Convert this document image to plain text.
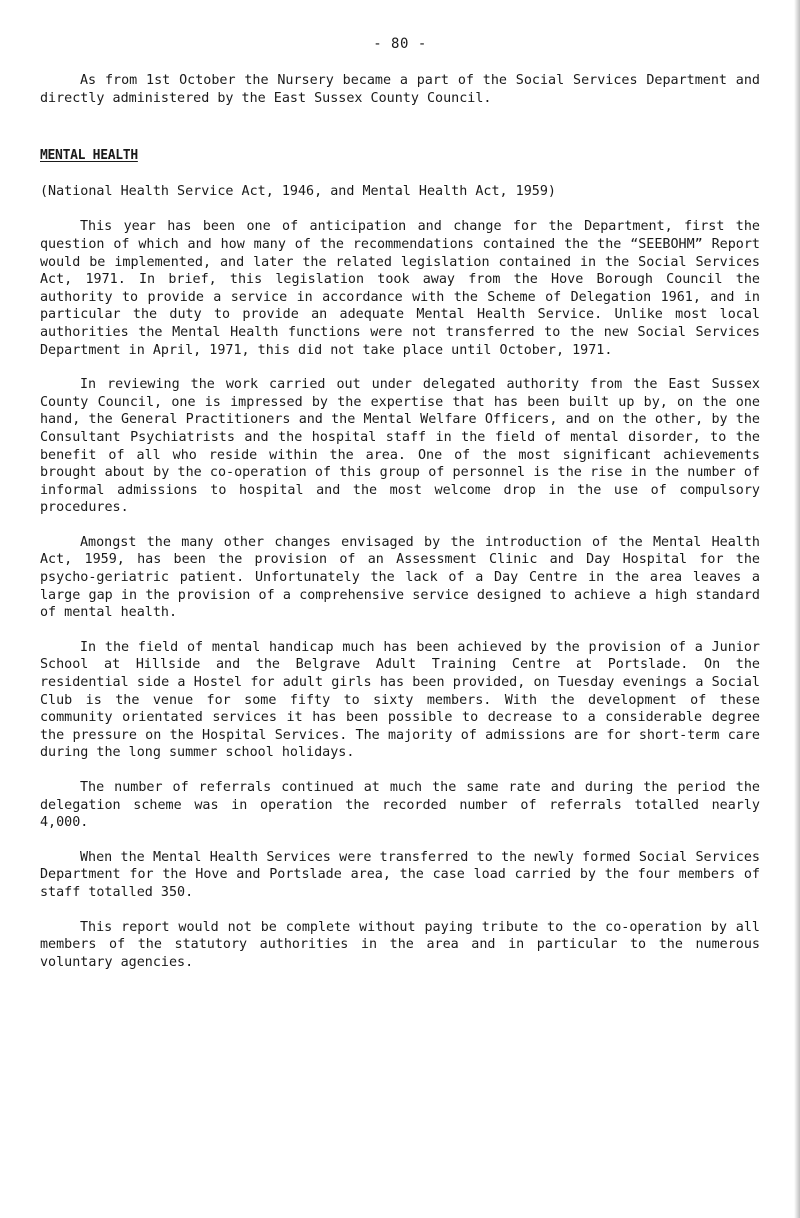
- 80 -

As from 1st October the Nursery became a part of the Social Services Department and directly administered by the East Sussex County Council.

MENTAL HEALTH

(National Health Service Act, 1946, and Mental Health Act, 1959)

This year has been one of anticipation and change for the Department, first the question of which and how many of the recommendations contained the the “SEEBOHM” Report would be implemented, and later the related legislation contained in the Social Services Act, 1971. In brief, this legislation took away from the Hove Borough Council the authority to provide a service in accordance with the Scheme of Delegation 1961, and in particular the duty to provide an adequate Mental Health Service. Unlike most local authorities the Mental Health functions were not transferred to the new Social Services Department in April, 1971, this did not take place until October, 1971.

In reviewing the work carried out under delegated authority from the East Sussex County Council, one is impressed by the expertise that has been built up by, on the one hand, the General Practitioners and the Mental Welfare Officers, and on the other, by the Consultant Psychiatrists and the hospital staff in the field of mental disorder, to the benefit of all who reside within the area. One of the most significant achievements brought about by the co-operation of this group of personnel is the rise in the number of informal admissions to hospital and the most welcome drop in the use of compulsory procedures.

Amongst the many other changes envisaged by the introduction of the Mental Health Act, 1959, has been the provision of an Assessment Clinic and Day Hospital for the psycho-geriatric patient. Unfortunately the lack of a Day Centre in the area leaves a large gap in the provision of a comprehensive service designed to achieve a high standard of mental health.

In the field of mental handicap much has been achieved by the provision of a Junior School at Hillside and the Belgrave Adult Training Centre at Portslade. On the residential side a Hostel for adult girls has been provided, on Tuesday evenings a Social Club is the venue for some fifty to sixty members. With the development of these community orientated services it has been possible to decrease to a considerable degree the pressure on the Hospital Services. The majority of admissions are for short-term care during the long summer school holidays.

The number of referrals continued at much the same rate and during the period the delegation scheme was in operation the recorded number of referrals totalled nearly 4,000.

When the Mental Health Services were transferred to the newly formed Social Services Department for the Hove and Portslade area, the case load carried by the four members of staff totalled 350.

This report would not be complete without paying tribute to the co-operation by all members of the statutory authorities in the area and in particular to the numerous voluntary agencies.
